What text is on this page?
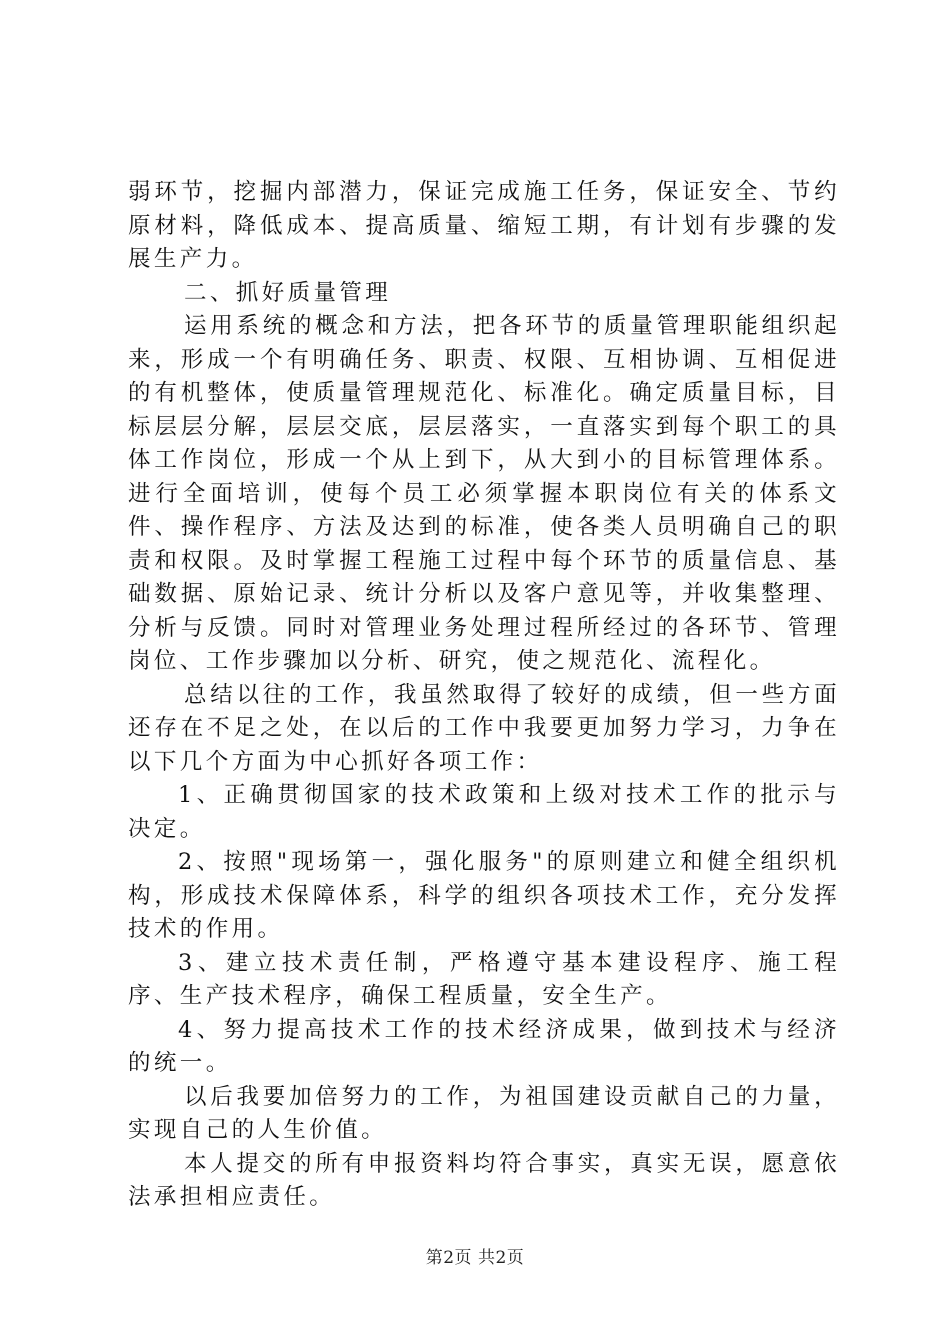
弱环节，挖掘内部潜力，保证完成施工任务，保证安全、节约原材料，降低成本、提高质量、缩短工期，有计划有步骤的发展生产力。

二、抓好质量管理

运用系统的概念和方法，把各环节的质量管理职能组织起来，形成一个有明确任务、职责、权限、互相协调、互相促进的有机整体，使质量管理规范化、标准化。确定质量目标，目标层层分解，层层交底，层层落实，一直落实到每个职工的具体工作岗位，形成一个从上到下，从大到小的目标管理体系。进行全面培训，使每个员工必须掌握本职岗位有关的体系文件、操作程序、方法及达到的标准，使各类人员明确自己的职责和权限。及时掌握工程施工过程中每个环节的质量信息、基础数据、原始记录、统计分析以及客户意见等，并收集整理、分析与反馈。同时对管理业务处理过程所经过的各环节、管理岗位、工作步骤加以分析、研究，使之规范化、流程化。

总结以往的工作，我虽然取得了较好的成绩，但一些方面还存在不足之处，在以后的工作中我要更加努力学习，力争在以下几个方面为中心抓好各项工作：

1、正确贯彻国家的技术政策和上级对技术工作的批示与决定。

2、按照"现场第一，强化服务"的原则建立和健全组织机构，形成技术保障体系，科学的组织各项技术工作，充分发挥技术的作用。

3、建立技术责任制，严格遵守基本建设程序、施工程序、生产技术程序，确保工程质量，安全生产。

4、努力提高技术工作的技术经济成果，做到技术与经济的统一。

以后我要加倍努力的工作，为祖国建设贡献自己的力量，实现自己的人生价值。

本人提交的所有申报资料均符合事实，真实无误，愿意依法承担相应责任。

第2页 共2页
